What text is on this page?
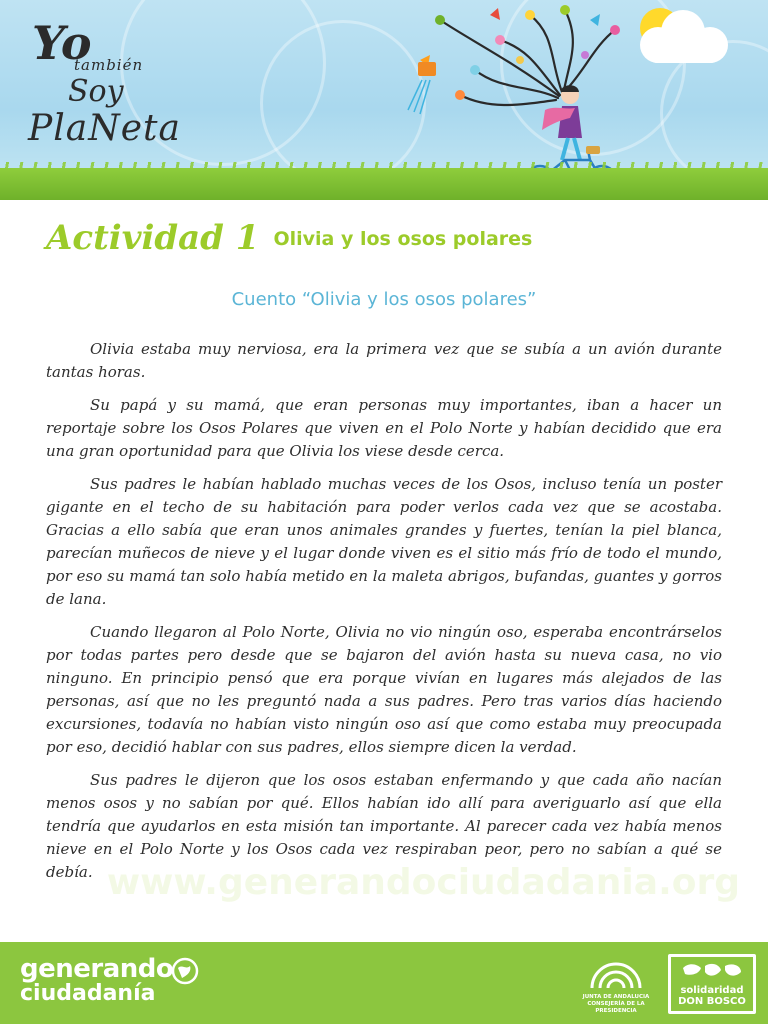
Yo
también
Soy
PlaNeta
Actividad 1 Olivia y los osos polares
Cuento “Olivia y los osos polares”
www.generandociudadania.org

Olivia estaba muy nerviosa, era la primera vez que se subía a un avión durante tantas horas.

Su papá y su mamá, que eran personas muy importantes, iban a hacer un reportaje sobre los Osos Polares que viven en el Polo Norte y habían decidido que era una gran oportunidad para que Olivia los viese desde cerca.

Sus padres le habían hablado muchas veces de los Osos, incluso tenía un poster gigante en el techo de su habitación para poder verlos cada vez que se acostaba. Gracias a ello sabía que eran unos animales grandes y fuertes, tenían la piel blanca, parecían muñecos de nieve y el lugar donde viven es el sitio más frío de todo el mundo, por eso su mamá tan solo había metido en la maleta abrigos, bufandas, guantes y gorros de lana.

Cuando llegaron al Polo Norte, Olivia no vio ningún oso, esperaba encontrárselos por todas partes pero desde que se bajaron del avión hasta su nueva casa, no vio ninguno. En principio pensó que era porque vivían en lugares más alejados de las personas, así que no les preguntó nada a sus padres. Pero tras varios días haciendo excursiones, todavía no habían visto ningún oso así que como estaba muy preocupada por eso, decidió hablar con sus padres, ellos siempre dicen la verdad.

Sus padres le dijeron que los osos estaban enfermando y que cada año nacían menos osos y no sabían por qué. Ellos habían ido allí para averiguarlo así que ella tendría que ayudarlos en esta misión tan importante. Al parecer cada vez había menos nieve en el Polo Norte y los Osos cada vez respiraban peor, pero no sabían a qué se debía.

generando
ciudadanía	JUNTA DE ANDALUCIA
CONSEJERÍA DE LA PRESIDENCIA
solidaridad
DON BOSCO
